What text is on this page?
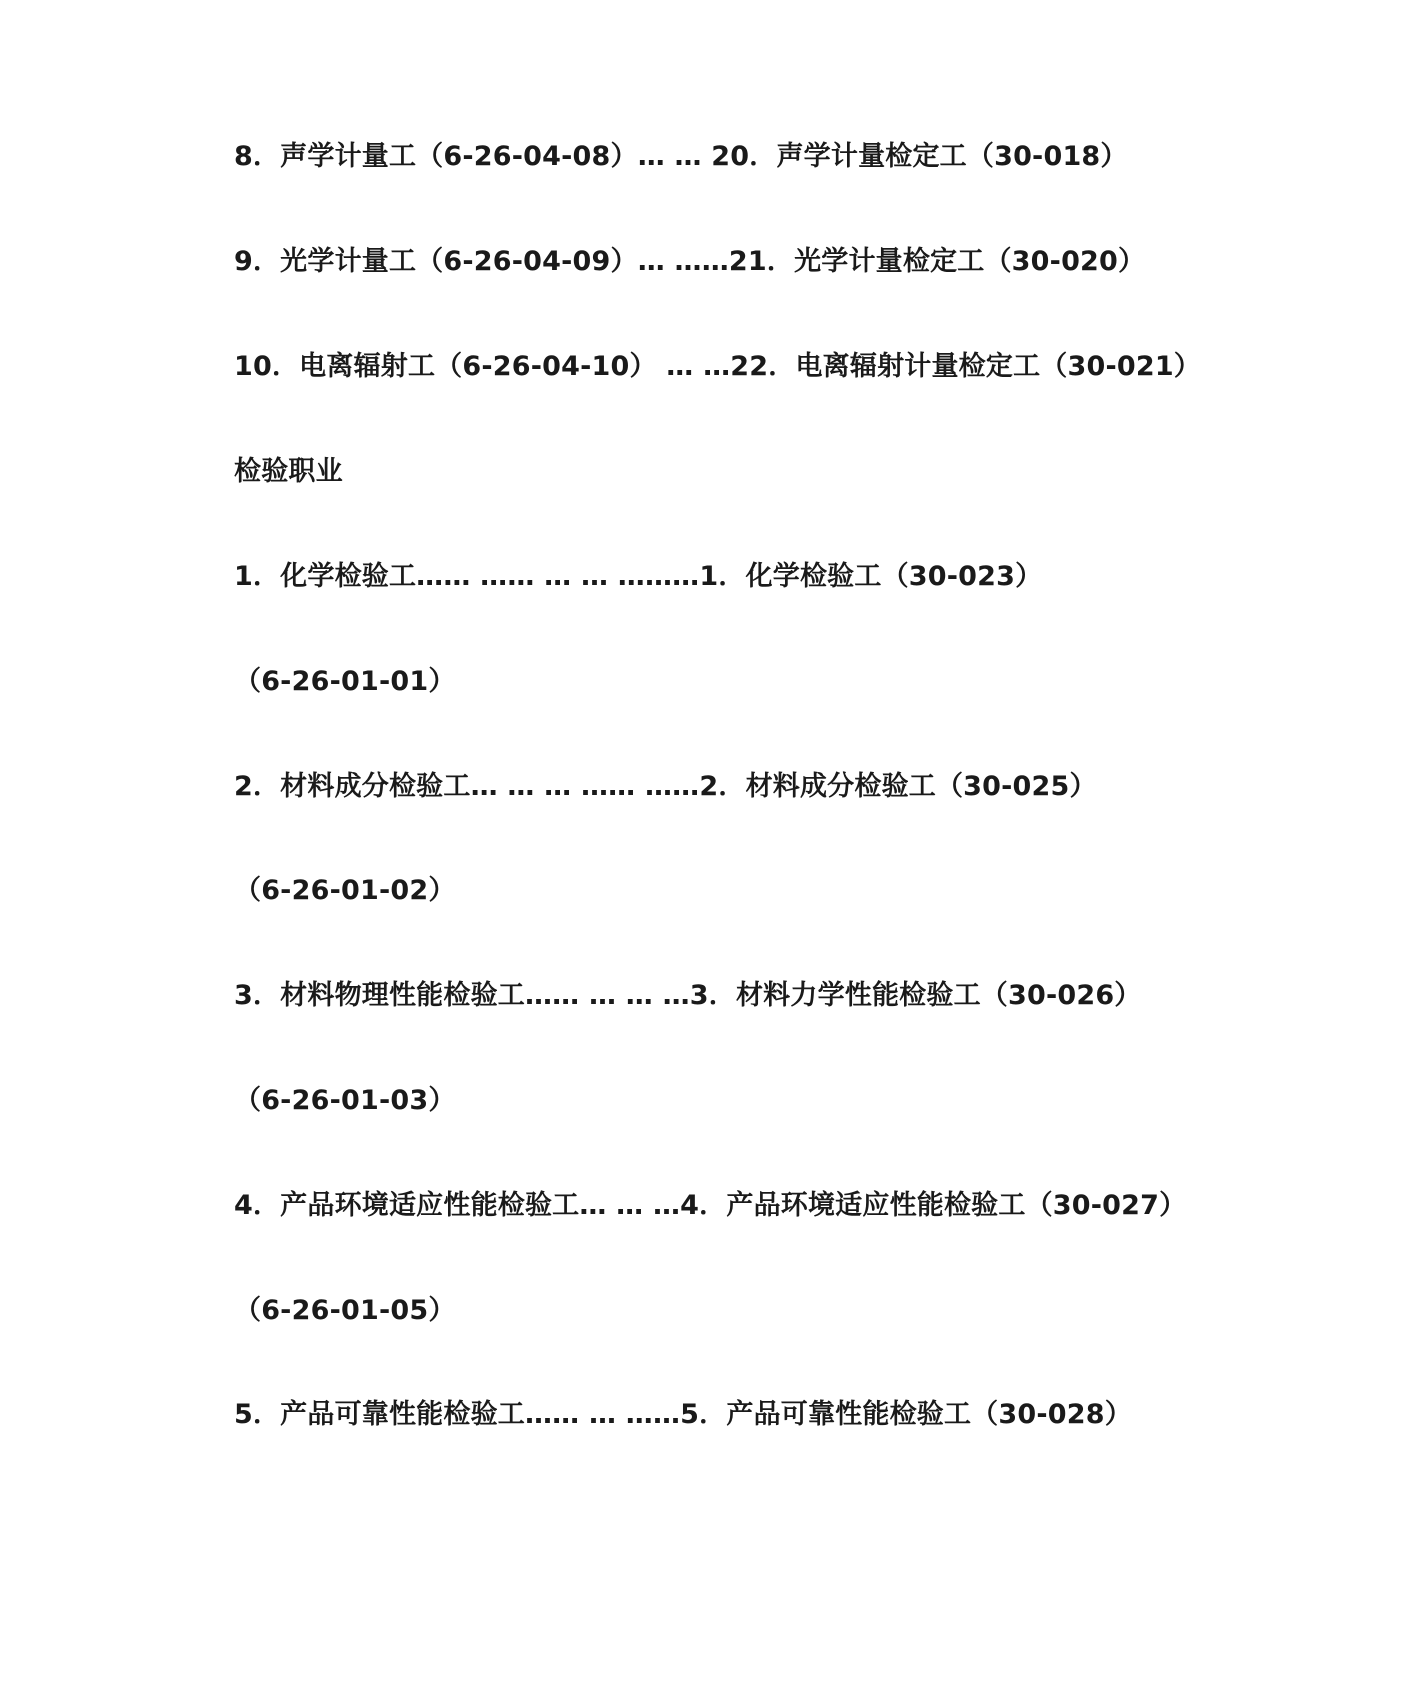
8．声学计量工（6-26-04-08）… … 20．声学计量检定工（30-018）
9．光学计量工（6-26-04-09）… ……21．光学计量检定工（30-020）
10．电离辐射工（6-26-04-10） … …22．电离辐射计量检定工（30-021）
检验职业
1．化学检验工…… …… … … ………1．化学检验工（30-023）
（6-26-01-01）
2．材料成分检验工… … … …… ……2．材料成分检验工（30-025）
（6-26-01-02）
3．材料物理性能检验工…… … … …3．材料力学性能检验工（30-026）
（6-26-01-03）
4．产品环境适应性能检验工… … …4．产品环境适应性能检验工（30-027）
（6-26-01-05）
5．产品可靠性能检验工…… … ……5．产品可靠性能检验工（30-028）
